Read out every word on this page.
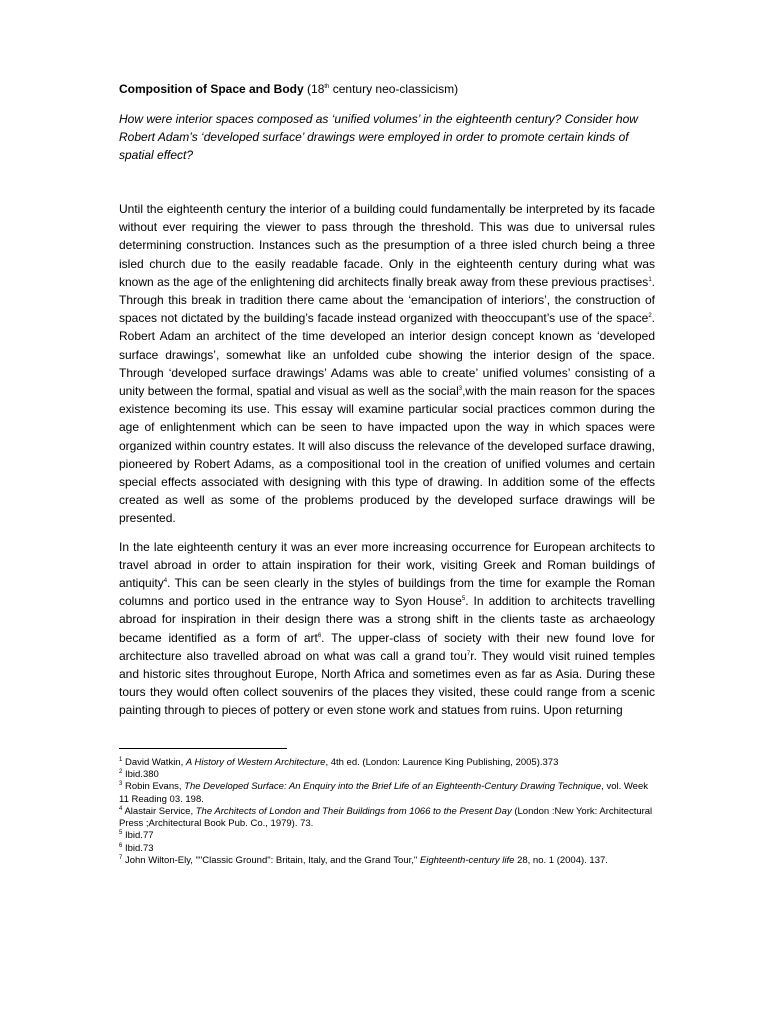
Composition of Space and Body (18th century neo-classicism)

How were interior spaces composed as ‘unified volumes’ in the eighteenth century? Consider how Robert Adam’s ‘developed surface’ drawings were employed in order to promote certain kinds of spatial effect?

Until the eighteenth century the interior of a building could fundamentally be interpreted by its facade without ever requiring the viewer to pass through the threshold. This was due to universal rules determining construction. Instances such as the presumption of a three isled church being a three isled church due to the easily readable facade. Only in the eighteenth century during what was known as the age of the enlightening did architects finally break away from these previous practises$^1$. Through this break in tradition there came about the ‘emancipation of interiors’, the construction of spaces not dictated by the building’s facade instead organized with theoccupant’s use of the space$^2$. Robert Adam an architect of the time developed an interior design concept known as ‘developed surface drawings’, somewhat like an unfolded cube showing the interior design of the space. Through ‘developed surface drawings’ Adams was able to create’ unified volumes’ consisting of a unity between the formal, spatial and visual as well as the social$^3$,with the main reason for the spaces existence becoming its use. This essay will examine particular social practices common during the age of enlightenment which can be seen to have impacted upon the way in which spaces were organized within country estates. It will also discuss the relevance of the developed surface drawing, pioneered by Robert Adams, as a compositional tool in the creation of unified volumes and certain special effects associated with designing with this type of drawing. In addition some of the effects created as well as some of the problems produced by the developed surface drawings will be presented.

In the late eighteenth century it was an ever more increasing occurrence for European architects to travel abroad in order to attain inspiration for their work, visiting Greek and Roman buildings of antiquity$^4$. This can be seen clearly in the styles of buildings from the time for example the Roman columns and portico used in the entrance way to Syon House$^5$. In addition to architects travelling abroad for inspiration in their design there was a strong shift in the clients taste as archaeology became identified as a form of art$^6$. The upper-class of society with their new found love for architecture also travelled abroad on what was call a grand tou$^7$r. They would visit ruined temples and historic sites throughout Europe, North Africa and sometimes even as far as Asia. During these tours they would often collect souvenirs of the places they visited, these could range from a scenic painting through to pieces of pottery or even stone work and statues from ruins. Upon returning

$^1$ David Watkin, A History of Western Architecture, 4th ed. (London: Laurence King Publishing, 2005).373

$^2$ Ibid.380

$^3$ Robin Evans, The Developed Surface: An Enquiry into the Brief Life of an Eighteenth-Century Drawing Technique, vol. Week 11 Reading 03. 198.

$^4$ Alastair Service, The Architects of London and Their Buildings from 1066 to the Present Day (London :New York: Architectural Press ;Architectural Book Pub. Co., 1979). 73.

$^5$ Ibid.77

$^6$ Ibid.73

$^7$ John Wilton-Ely, ""Classic Ground": Britain, Italy, and the Grand Tour," Eighteenth-century life 28, no. 1 (2004). 137.
